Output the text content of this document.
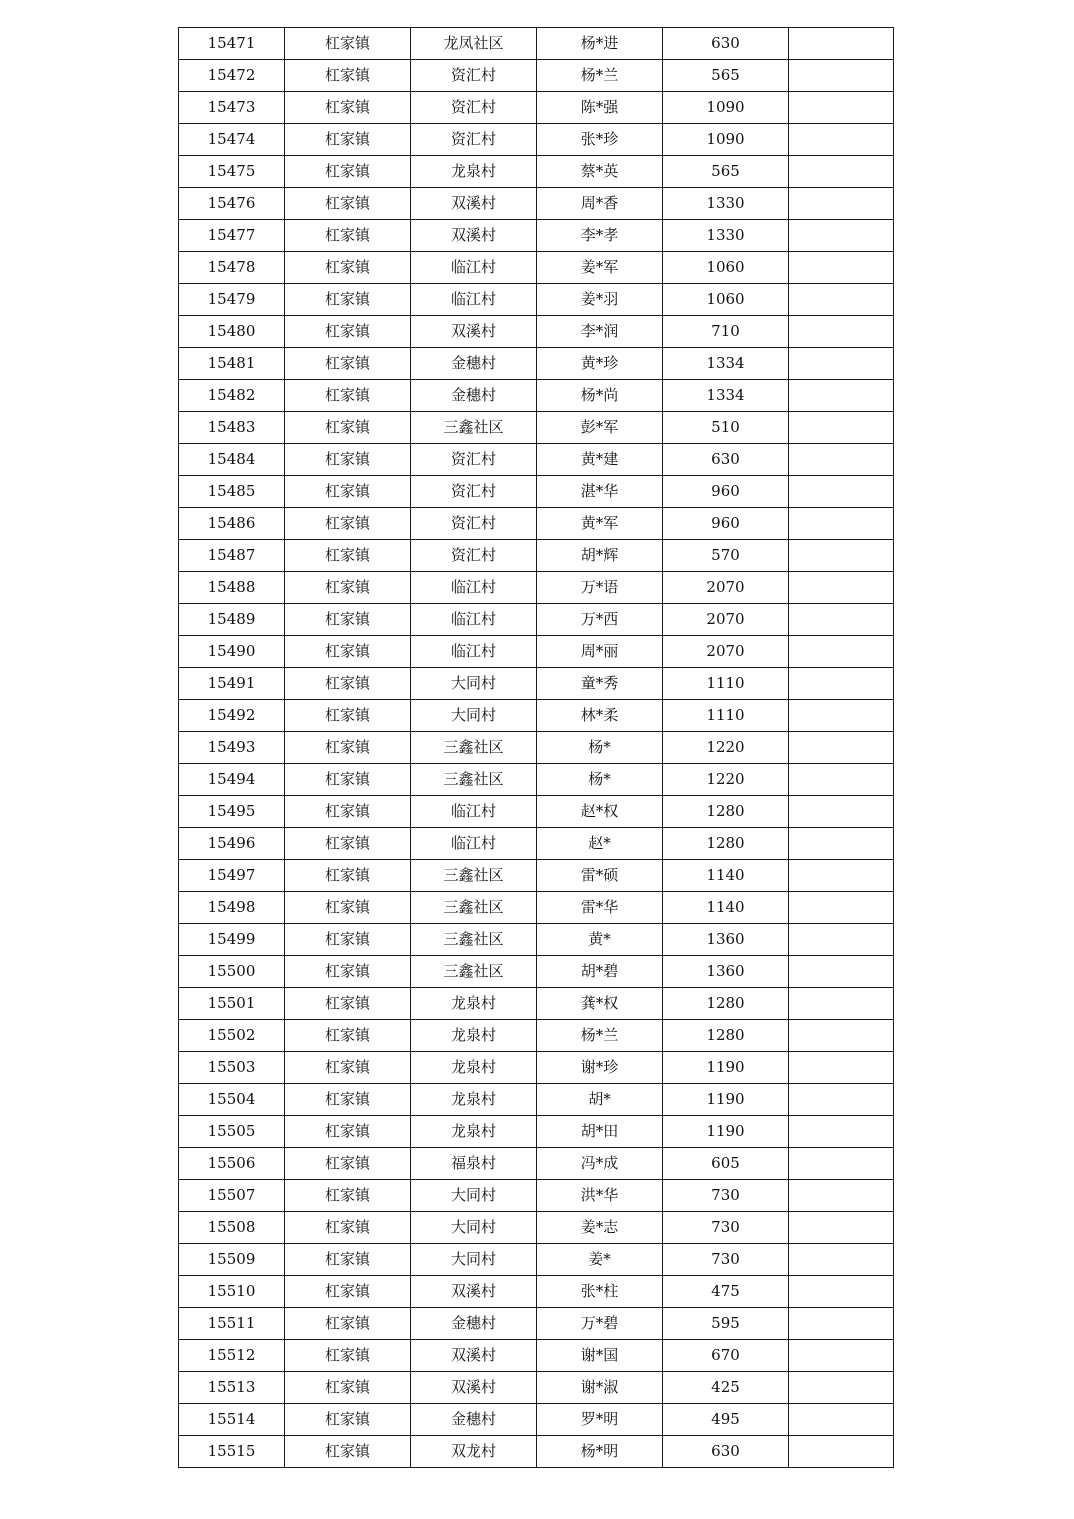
15471	杠家镇	龙凤社区	杨*进	630	
15472	杠家镇	资汇村	杨*兰	565	
15473	杠家镇	资汇村	陈*强	1090	
15474	杠家镇	资汇村	张*珍	1090	
15475	杠家镇	龙泉村	蔡*英	565	
15476	杠家镇	双溪村	周*香	1330	
15477	杠家镇	双溪村	李*孝	1330	
15478	杠家镇	临江村	姜*军	1060	
15479	杠家镇	临江村	姜*羽	1060	
15480	杠家镇	双溪村	李*润	710	
15481	杠家镇	金穗村	黄*珍	1334	
15482	杠家镇	金穗村	杨*尚	1334	
15483	杠家镇	三鑫社区	彭*军	510	
15484	杠家镇	资汇村	黄*建	630	
15485	杠家镇	资汇村	湛*华	960	
15486	杠家镇	资汇村	黄*军	960	
15487	杠家镇	资汇村	胡*辉	570	
15488	杠家镇	临江村	万*语	2070	
15489	杠家镇	临江村	万*西	2070	
15490	杠家镇	临江村	周*丽	2070	
15491	杠家镇	大同村	童*秀	1110	
15492	杠家镇	大同村	林*柔	1110	
15493	杠家镇	三鑫社区	杨*	1220	
15494	杠家镇	三鑫社区	杨*	1220	
15495	杠家镇	临江村	赵*权	1280	
15496	杠家镇	临江村	赵*	1280	
15497	杠家镇	三鑫社区	雷*硕	1140	
15498	杠家镇	三鑫社区	雷*华	1140	
15499	杠家镇	三鑫社区	黄*	1360	
15500	杠家镇	三鑫社区	胡*碧	1360	
15501	杠家镇	龙泉村	龚*权	1280	
15502	杠家镇	龙泉村	杨*兰	1280	
15503	杠家镇	龙泉村	谢*珍	1190	
15504	杠家镇	龙泉村	胡*	1190	
15505	杠家镇	龙泉村	胡*田	1190	
15506	杠家镇	福泉村	冯*成	605	
15507	杠家镇	大同村	洪*华	730	
15508	杠家镇	大同村	姜*志	730	
15509	杠家镇	大同村	姜*	730	
15510	杠家镇	双溪村	张*柱	475	
15511	杠家镇	金穗村	万*碧	595	
15512	杠家镇	双溪村	谢*国	670	
15513	杠家镇	双溪村	谢*淑	425	
15514	杠家镇	金穗村	罗*明	495	
15515	杠家镇	双龙村	杨*明	630	
